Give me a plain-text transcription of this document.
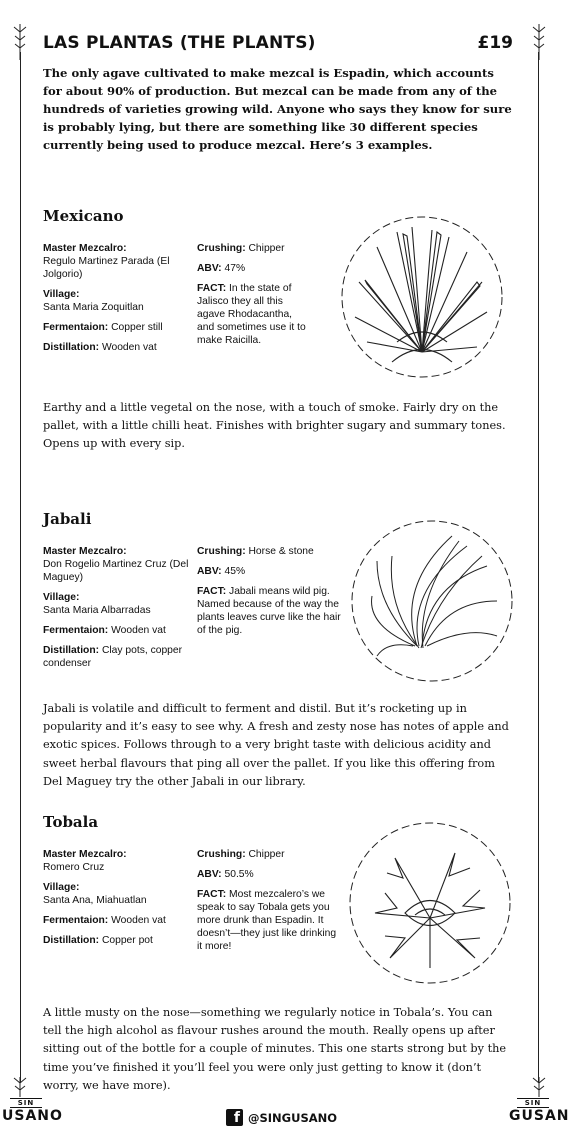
LAS PLANTAS (THE PLANTS)	£19

The only agave cultivated to make mezcal is Espadin, which accounts for about 90% of production. But mezcal can be made from any of the hundreds of varieties growing wild. Anyone who says they know for sure is probably lying, but there are something like 30 different species currently being used to produce mezcal. Here’s 3 examples.

Mexicano
Master Mezcalro:
Regulo Martinez Parada (El Jolgorio)
Village:
Santa Maria Zoquitlan
Fermentaion: Copper still
Distillation: Wooden vat
Crushing: Chipper
ABV: 47%
FACT: In the state of Jalisco they all this agave Rhodacantha, and sometimes use it to make Raicilla.

Earthy and a little vegetal on the nose, with a touch of smoke. Fairly dry on the pallet, with a little chilli heat. Finishes with brighter sugary and summary tones. Opens up with every sip.

Jabali
Master Mezcalro:
Don Rogelio Martinez Cruz (Del Maguey)
Village:
Santa Maria Albarradas
Fermentaion: Wooden vat
Distillation: Clay pots, copper condenser
Crushing: Horse & stone
ABV: 45%
FACT: Jabali means wild pig. Named because of the way the plants leaves curve like the hair of the pig.

Jabali is volatile and difficult to ferment and distil. But it’s rocketing up in popularity and it’s easy to see why. A fresh and zesty nose has notes of apple and exotic spices. Follows through to a very bright taste with delicious acidity and sweet herbal flavours that ping all over the pallet. If you like this offering from Del Maguey try the other Jabali in our library.

Tobala
Master Mezcalro:
Romero Cruz
Village:
Santa Ana, Miahuatlan
Fermentaion: Wooden vat
Distillation: Copper pot
Crushing: Chipper
ABV: 50.5%
FACT: Most mezcalero’s we speak to say Tobala gets you more drunk than Espadin. It doesn’t—they just like drinking it more!

A little musty on the nose—something we regularly notice in Tobala’s. You can tell the high alcohol as flavour rushes around the mouth. Really opens up after sitting out of the bottle for a couple of minutes. This one starts strong but by the time you’ve finished it you’ll feel you were only just getting to know it (don’t worry, we have more).

SIN
USANO
SIN
GUSAN
f @SINGUSANO
